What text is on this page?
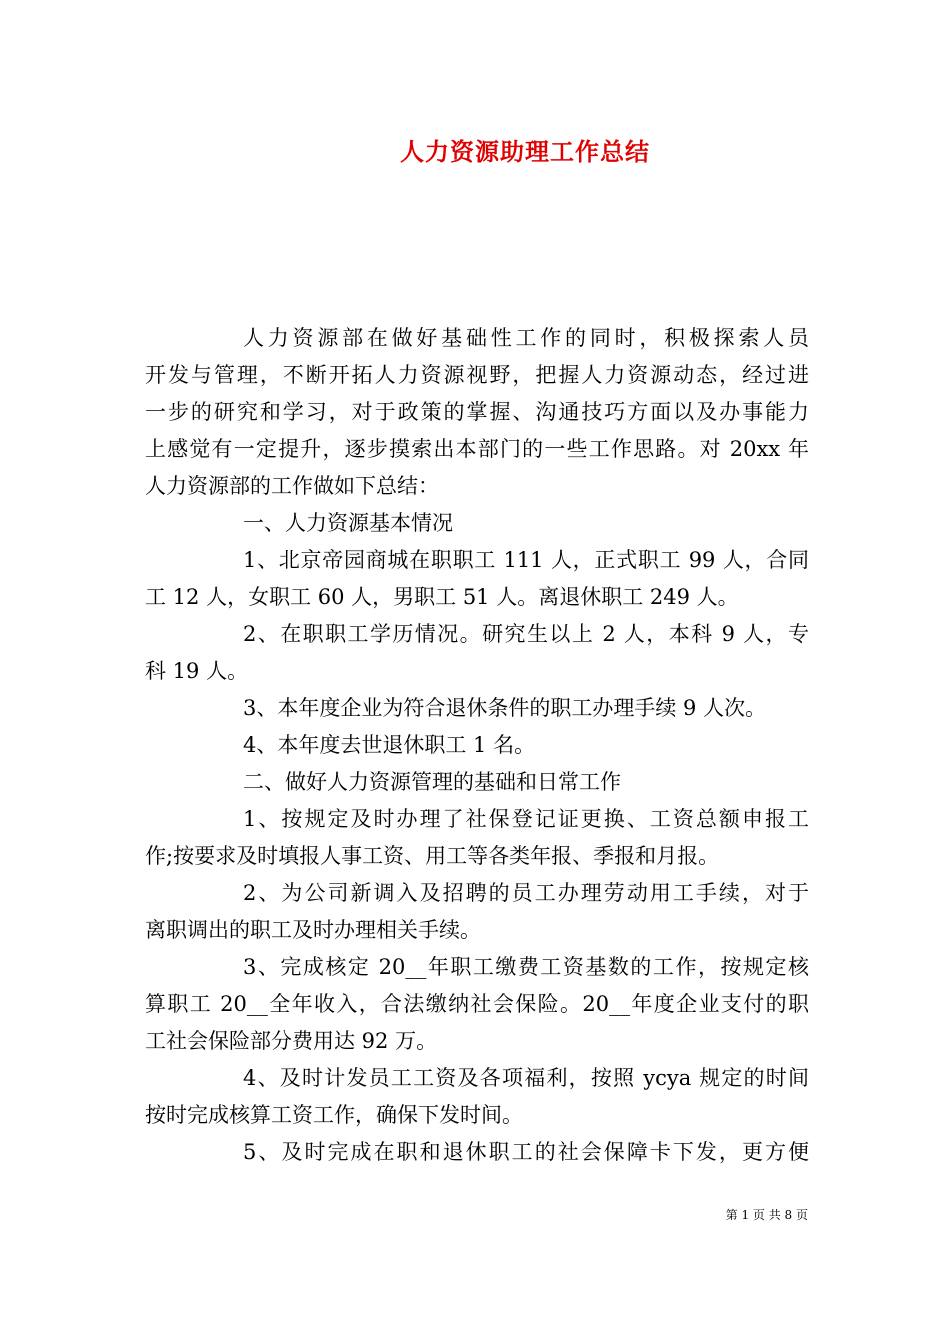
人力资源助理工作总结
人力资源部在做好基础性工作的同时，积极探索人员
开发与管理，不断开拓人力资源视野，把握人力资源动态，经过进
一步的研究和学习，对于政策的掌握、沟通技巧方面以及办事能力
上感觉有一定提升，逐步摸索出本部门的一些工作思路。对 20xx 年
人力资源部的工作做如下总结：
一、人力资源基本情况
1、北京帝园商城在职职工 111 人，正式职工 99 人，合同
工 12 人，女职工 60 人，男职工 51 人。离退休职工 249 人。
2、在职职工学历情况。研究生以上 2 人，本科 9 人，专
科 19 人。
3、本年度企业为符合退休条件的职工办理手续 9 人次。
4、本年度去世退休职工 1 名。
二、做好人力资源管理的基础和日常工作
1、按规定及时办理了社保登记证更换、工资总额申报工
作;按要求及时填报人事工资、用工等各类年报、季报和月报。
2、为公司新调入及招聘的员工办理劳动用工手续，对于
离职调出的职工及时办理相关手续。
3、完成核定 20__年职工缴费工资基数的工作，按规定核
算职工 20__全年收入，合法缴纳社会保险。20__年度企业支付的职
工社会保险部分费用达 92 万。
4、及时计发员工工资及各项福利，按照 ycya 规定的时间
按时完成核算工资工作，确保下发时间。
5、及时完成在职和退休职工的社会保障卡下发，更方便
第 1 页 共 8 页
